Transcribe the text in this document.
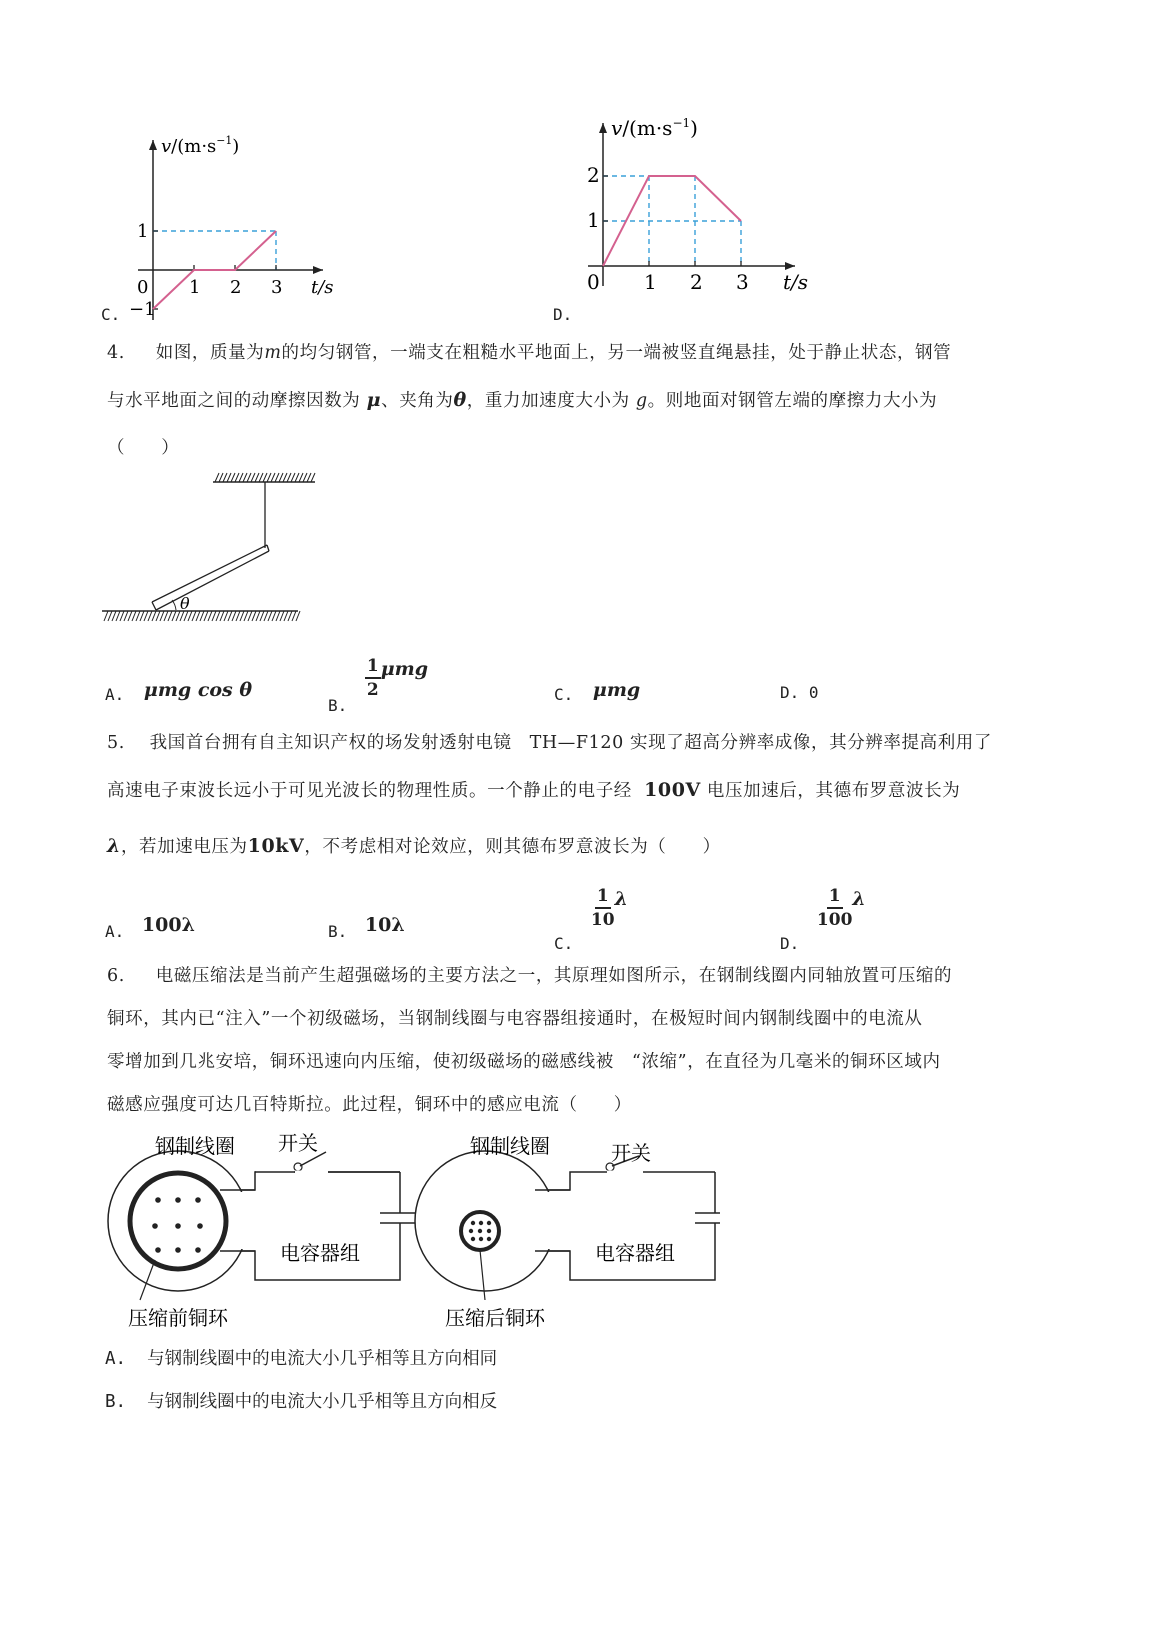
1 2 3
1
−1
0	t/s
$v/(m\cdot s^{-1})$
C.
1 2 3
1
2
0	t/s
$v/(m\cdot s^{-1})$
D.
4. 如图，质量为m的均匀钢管，一端支在粗糙水平地面上，另一端被竖直绳悬挂，处于静止状态，钢管
与水平地面之间的动摩擦因数为 μ、夹角为θ，重力加速度大小为 g。则地面对钢管左端的摩擦力大小为
（　　）
θ
A. μmg cos θ
B.
$\frac{1}{2}$ μmg
C. μmg	D. 0
5. 我国首台拥有自主知识产权的场发射透射电镜　TH—F120 实现了超高分辨率成像，其分辨率提高利用了
高速电子束波长远小于可见光波长的物理性质。一个静止的电子经 100V 电压加速后，其德布罗意波长为
λ，若加速电压为10kV，不考虑相对论效应，则其德布罗意波长为（　　）
A. 100λ	B. 10λ
C.
$\frac{1}{10}$ λ
D.
$\frac{1}{100}$ λ
6. 电磁压缩法是当前产生超强磁场的主要方法之一，其原理如图所示，在钢制线圈内同轴放置可压缩的
铜环，其内已“注入”一个初级磁场，当钢制线圈与电容器组接通时，在极短时间内钢制线圈中的电流从
零增加到几兆安培，铜环迅速向内压缩，使初级磁场的磁感线被　“浓缩”，在直径为几毫米的铜环区域内
磁感应强度可达几百特斯拉。此过程，铜环中的感应电流（　　）
钢制线圈 开关
电容器组
压缩前铜环
钢制线圈	开关
电容器组
压缩后铜环
A. 与钢制线圈中的电流大小几乎相等且方向相同
B. 与钢制线圈中的电流大小几乎相等且方向相反
